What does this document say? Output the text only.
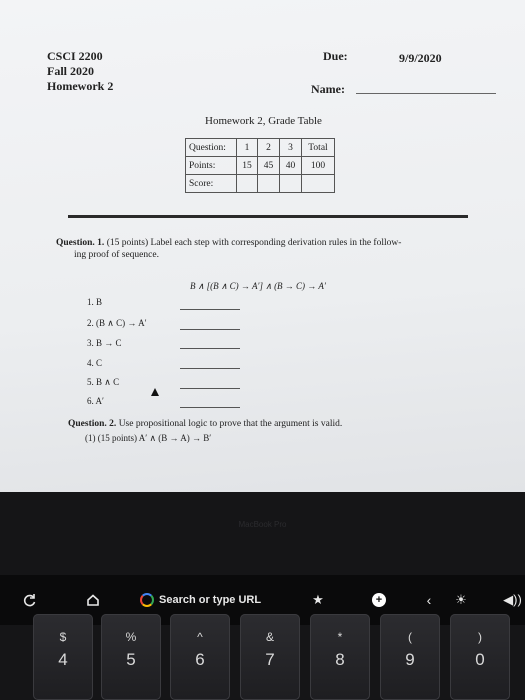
CSCI 2200
Fall 2020
Homework 2
Due:	9/9/2020
Name:
Homework 2, Grade Table
Question:	1	2	3	Total
Points:	15	45	40	100
Score:				
Question. 1. (15 points) Label each step with corresponding derivation rules in the follow-
ing proof of sequence.
B ∧ [(B ∧ C) → A′] ∧ (B → C) → A′
1. B
2. (B ∧ C) → A′
3. B → C
4. C
5. B ∧ C
6. A′
Question. 2. Use propositional logic to prove that the argument is valid.
(1) (15 points) A′ ∧ (B → A) → B′
MacBook Pro
Search or type URL	★	+	‹	☀	◀))
$
4
%
5
^
6
&
7
*
8
(
9
)
0
